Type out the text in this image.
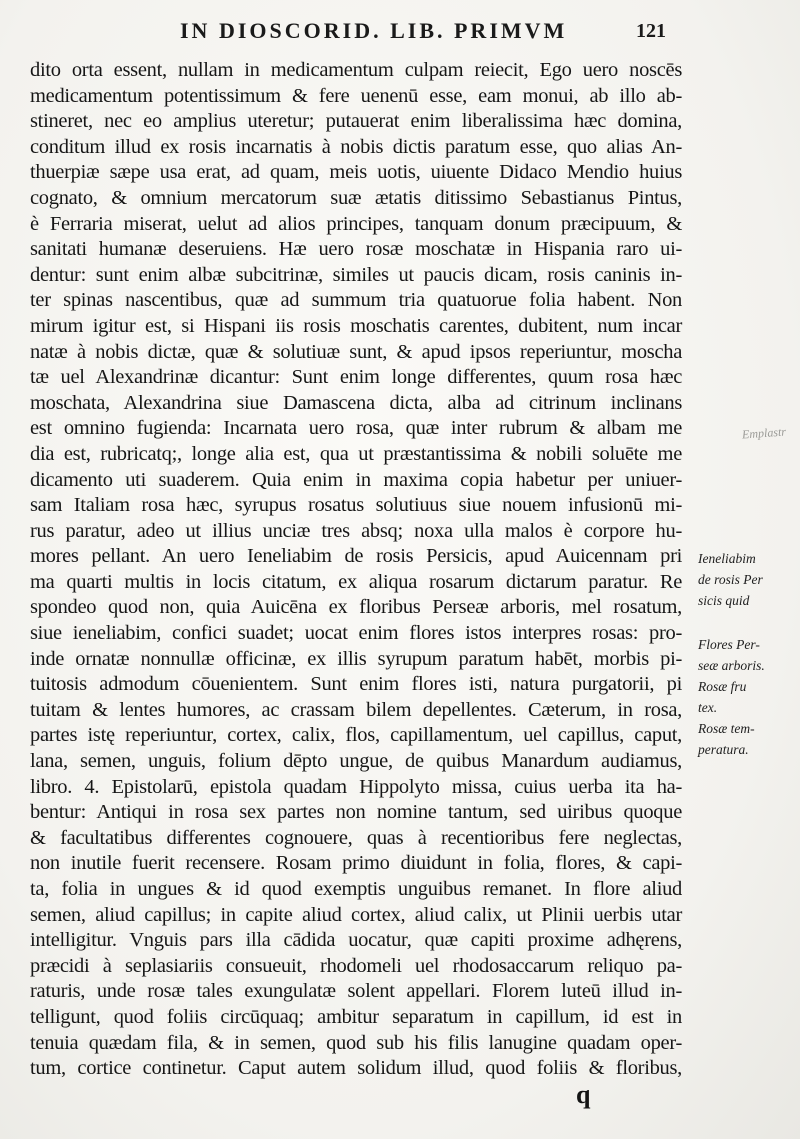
IN DIOSCORID. LIB. PRIMVM	121
dito orta essent, nullam in medicamentum culpam reiecit, Ego uero noscēs
medicamentum potentissimum & fere uenenū esse, eam monui, ab illo ab-
stineret, nec eo amplius uteretur; putauerat enim liberalissima hæc domina,
conditum illud ex rosis incarnatis à nobis dictis paratum esse, quo alias An-
thuerpiæ sæpe usa erat, ad quam, meis uotis, uiuente Didaco Mendio huius
cognato, & omnium mercatorum suæ ætatis ditissimo Sebastianus Pintus,
è Ferraria miserat, uelut ad alios principes, tanquam donum præcipuum, &
sanitati humanæ deseruiens. Hæ uero rosæ moschatæ in Hispania raro ui-
dentur: sunt enim albæ subcitrinæ, similes ut paucis dicam, rosis caninis in-
ter spinas nascentibus, quæ ad summum tria quatuorue folia habent. Non
mirum igitur est, si Hispani iis rosis moschatis carentes, dubitent, num incar
natæ à nobis dictæ, quæ & solutiuæ sunt, & apud ipsos reperiuntur, moscha
tæ uel Alexandrinæ dicantur: Sunt enim longe differentes, quum rosa hæc
moschata, Alexandrina siue Damascena dicta, alba ad citrinum inclinans
est omnino fugienda: Incarnata uero rosa, quæ inter rubrum & albam me
dia est, rubricatq;, longe alia est, qua ut præstantissima & nobili soluēte me
dicamento uti suaderem. Quia enim in maxima copia habetur per uniuer-
sam Italiam rosa hæc, syrupus rosatus solutiuus siue nouem infusionū mi-
rus paratur, adeo ut illius unciæ tres absq; noxa ulla malos è corpore hu-
mores pellant. An uero Ieneliabim de rosis Persicis, apud Auicennam pri
ma quarti multis in locis citatum, ex aliqua rosarum dictarum paratur. Re
spondeo quod non, quia Auicēna ex floribus Perseæ arboris, mel rosatum,
siue ieneliabim, confici suadet; uocat enim flores istos interpres rosas: pro-
inde ornatæ nonnullæ officinæ, ex illis syrupum paratum habēt, morbis pi-
tuitosis admodum cōuenientem. Sunt enim flores isti, natura purgatorii, pi
tuitam & lentes humores, ac crassam bilem depellentes. Cæterum, in rosa,
partes istę reperiuntur, cortex, calix, flos, capillamentum, uel capillus, caput,
lana, semen, unguis, folium dēpto ungue, de quibus Manardum audiamus,
libro. 4. Epistolarū, epistola quadam Hippolyto missa, cuius uerba ita ha-
bentur: Antiqui in rosa sex partes non nomine tantum, sed uiribus quoque
& facultatibus differentes cognouere, quas à recentioribus fere neglectas,
non inutile fuerit recensere. Rosam primo diuidunt in folia, flores, & capi-
ta, folia in ungues & id quod exemptis unguibus remanet. In flore aliud
semen, aliud capillus; in capite aliud cortex, aliud calix, ut Plinii uerbis utar
intelligitur. Vnguis pars illa cādida uocatur, quæ capiti proxime adhęrens,
præcidi à seplasiariis consueuit, rhodomeli uel rhodosaccarum reliquo pa-
raturis, unde rosæ tales exungulatæ solent appellari. Florem luteū illud in-
telligunt, quod foliis circūquaq; ambitur separatum in capillum, id est in
tenuia quædam fila, & in semen, quod sub his filis lanugine quadam oper-
tum, cortice continetur. Caput autem solidum illud, quod foliis & floribus,
Emplastr
Ieneliabim
de rosis Per
sicis quid
Flores Per-
seæ arboris.
Rosæ fru
tex.
Rosæ tem-
peratura.
q
